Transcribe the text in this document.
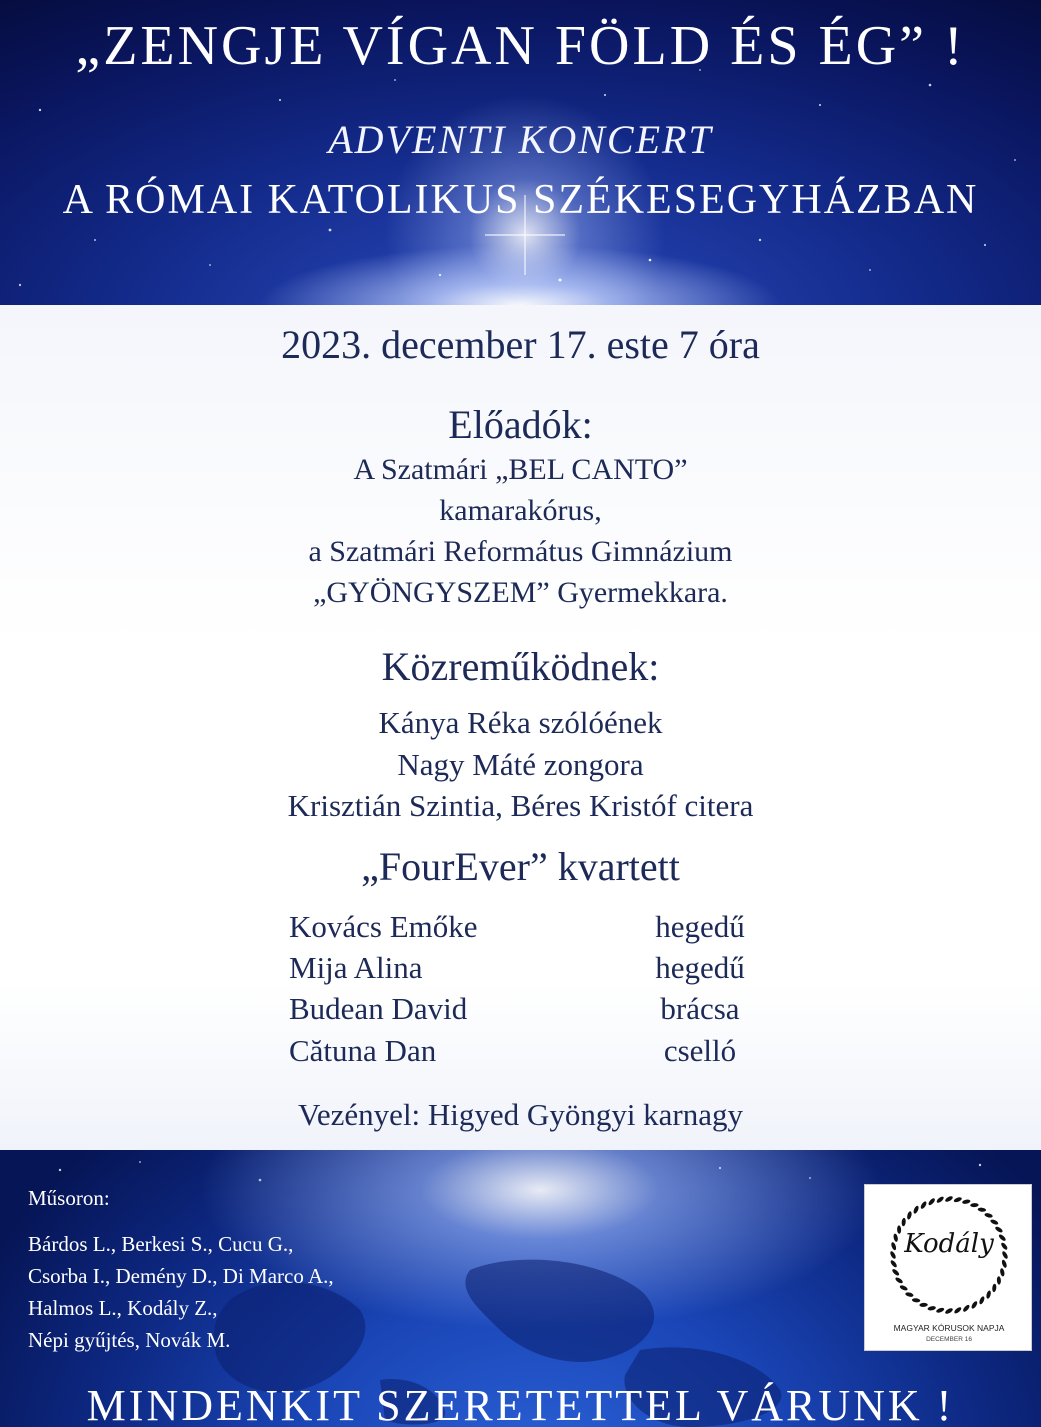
„ZENGJE VÍGAN FÖLD ÉS ÉG” !
ADVENTI KONCERT
A RÓMAI KATOLIKUS SZÉKESEGYHÁZBAN
2023. december 17. este 7 óra
Előadók:
A Szatmári „BEL CANTO”
kamarakórus,
a Szatmári Református Gimnázium
„GYÖNGYSZEM” Gyermekkara.
Közreműködnek:
Kánya Réka szólóének
Nagy Máté zongora
Krisztián Szintia, Béres Kristóf citera
„FourEver” kvartett
Kovács Emőke	hegedű
Mija Alina	hegedű
Budean David	brácsa
Cătuna Dan	cselló
Vezényel: Higyed Gyöngyi karnagy
Műsoron:
Bárdos L., Berkesi S., Cucu G.,
Csorba I., Demény D., Di Marco A.,
Halmos L., Kodály Z.,
Népi gyűjtés, Novák M.
Kodály
MAGYAR KÓRUSOK NAPJA
DECEMBER 16
MINDENKIT SZERETETTEL VÁRUNK !
